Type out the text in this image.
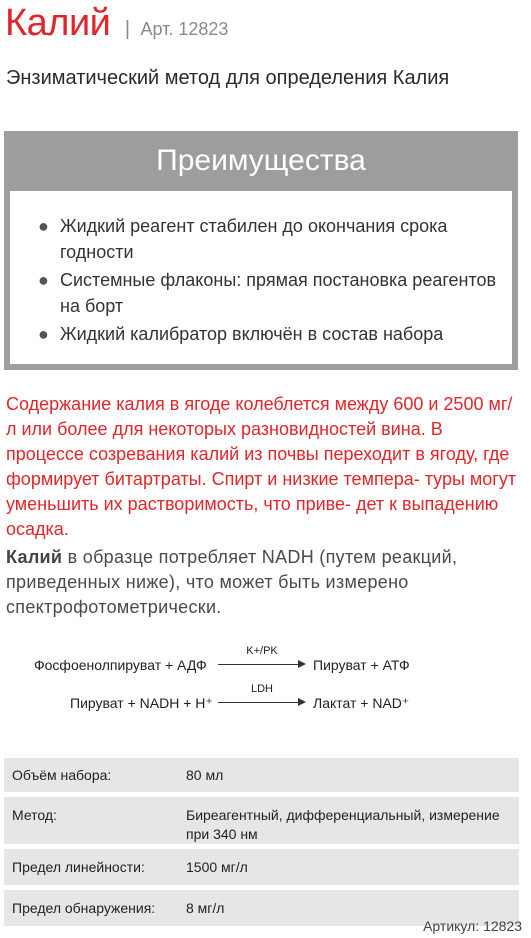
Калий | Арт. 12823
Энзиматический метод для определения Калия
Преимущества
● Жидкий реагент стабилен до окончания срока годности
● Системные флаконы: прямая постановка реагентов на борт
● Жидкий калибратор включён в состав набора
Содержание калия в ягоде колеблется между 600 и 2500 мг/л или более для некоторых разновидностей вина. В процессе созревания калий из почвы переходит в ягоду, где формирует битартраты. Спирт и низкие темпера- туры могут уменьшить их растворимость, что приве- дет к выпадению осадка.
Калий в образце потребляет NADH (путем реакций, приведенных ниже), что может быть измерено спектрофотометрически.
Фосфоенолпируват + АДФ
K+/PK
Пируват + АТФ
Пируват + NADH + H⁺
LDH
Лактат + NAD⁺
Объём набора:	80 мл
Метод:	Биреагентный, дифференциальный, измерение при 340 нм
Предел линейности:	1500 мг/л
Предел обнаружения:	8 мг/л
Артикул: 12823
